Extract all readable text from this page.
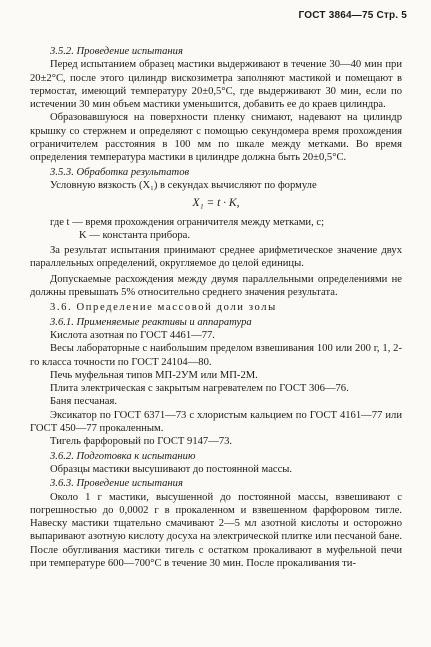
ГОСТ 3864—75 Стр. 5

3.5.2. Проведение испытания

Перед испытанием образец мастики выдерживают в течение 30—40 мин при 20±2°С, после этого цилиндр вискозиметра заполняют мастикой и помещают в термостат, имеющий температуру 20±0,5°С, где выдерживают 30 мин, если по истечении 30 мин объем мастики уменьшится, добавить ее до краев цилиндра.

Образовавшуюся на поверхности пленку снимают, надевают на цилиндр крышку со стержнем и определяют с помощью секундомера время прохождения ограничителем расстояния в 100 мм по шкале между метками. Во время определения температура мастики в цилиндре должна быть 20±0,5°С.

3.5.3. Обработка результатов

Условную вязкость (X₁) в секундах вычисляют по формуле

X₁ = t · K,

где t — время прохождения ограничителя между метками, с;

K — константа прибора.

За результат испытания принимают среднее арифметическое значение двух параллельных определений, округляемое до целой единицы.

Допускаемые расхождения между двумя параллельными определениями не должны превышать 5% относительно среднего значения результата.

3.6. Определение массовой доли золы

3.6.1. Применяемые реактивы и аппаратура

Кислота азотная по ГОСТ 4461—77.

Весы лабораторные с наибольшим пределом взвешивания 100 или 200 г, 1, 2-го класса точности по ГОСТ 24104—80.

Печь муфельная типов МП-2УМ или МП-2М.

Плита электрическая с закрытым нагревателем по ГОСТ 306—76.

Баня песчаная.

Эксикатор по ГОСТ 6371—73 с хлористым кальцием по ГОСТ 4161—77 или ГОСТ 450—77 прокаленным.

Тигель фарфоровый по ГОСТ 9147—73.

3.6.2. Подготовка к испытанию

Образцы мастики высушивают до постоянной массы.

3.6.3. Проведение испытания

Около 1 г мастики, высушенной до постоянной массы, взвешивают с погрешностью до 0,0002 г в прокаленном и взвешенном фарфоровом тигле. Навеску мастики тщательно смачивают 2—5 мл азотной кислоты и осторожно выпаривают азотную кислоту досуха на электрической плитке или песчаной бане. После обугливания мастики тигель с остатком прокаливают в муфельной печи при температуре 600—700°С в течение 30 мин. После прокаливания ти-
